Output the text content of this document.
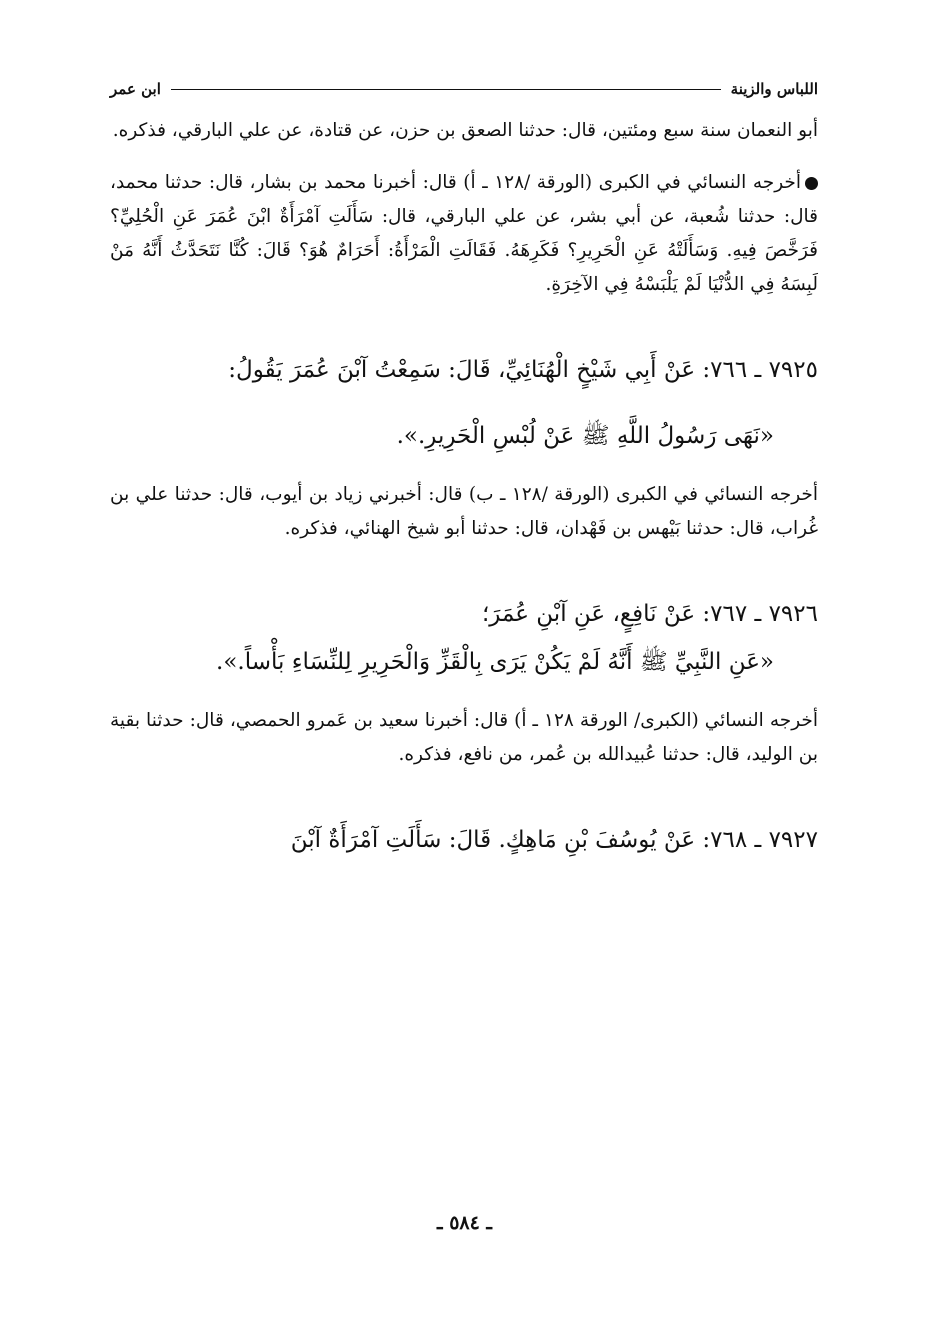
اللباس والزينة
ابن عمر

أبو النعمان سنة سبع ومئتين، قال: حدثنا الصعق بن حزن، عن قتادة، عن علي البارقي، فذكره.

أخرجه النسائي في الكبرى (الورقة /١٢٨ ـ أ) قال: أخبرنا محمد بن بشار، قال: حدثنا محمد، قال: حدثنا شُعبة، عن أبي بشر، عن علي البارقي، قال: سَأَلَتِ آمْرَأَةٌ ابْنَ عُمَرَ عَنِ الْحُلِيِّ؟ فَرَخَّصَ فِيهِ. وَسَأَلَتْهُ عَنِ الْحَرِيرِ؟ فَكَرِهَهُ. فَقَالَتِ الْمَرْأَةُ: أَحَرَامٌ هُوَ؟ قَالَ: كُنَّا نَتَحَدَّثُ أَنَّهُ مَنْ لَبِسَهُ فِي الدُّنْيَا لَمْ يَلْبَسْهُ فِي الآخِرَةِ.

٧٩٢٥ ـ ٧٦٦: عَنْ أَبِي شَيْخٍ الْهُنَائِيِّ، قَالَ: سَمِعْتُ آبْنَ عُمَرَ يَقُولُ:

«نَهَى رَسُولُ اللَّهِ ﷺ عَنْ لُبْسِ الْحَرِيرِ.».

أخرجه النسائي في الكبرى (الورقة /١٢٨ ـ ب) قال: أخبرني زياد بن أيوب، قال: حدثنا علي بن غُراب، قال: حدثنا بَيْهس بن فَهْدان، قال: حدثنا أبو شيخ الهنائي، فذكره.

٧٩٢٦ ـ ٧٦٧: عَنْ نَافِعٍ، عَنِ آبْنِ عُمَرَ؛

«عَنِ النَّبِيِّ ﷺ أَنَّهُ لَمْ يَكُنْ يَرَى بِالْقَزِّ وَالْحَرِيرِ لِلنِّسَاءِ بَأْساً.».

أخرجه النسائي (الكبرى/ الورقة ١٢٨ ـ أ) قال: أخبرنا سعيد بن عَمرو الحمصي، قال: حدثنا بقية بن الوليد، قال: حدثنا عُبيدالله بن عُمر، من نافع، فذكره.

٧٩٢٧ ـ ٧٦٨: عَنْ يُوسُفَ بْنِ مَاهِكٍ. قَالَ: سَأَلَتِ آمْرَأَةٌ آبْنَ

ـ ٥٨٤ ـ
